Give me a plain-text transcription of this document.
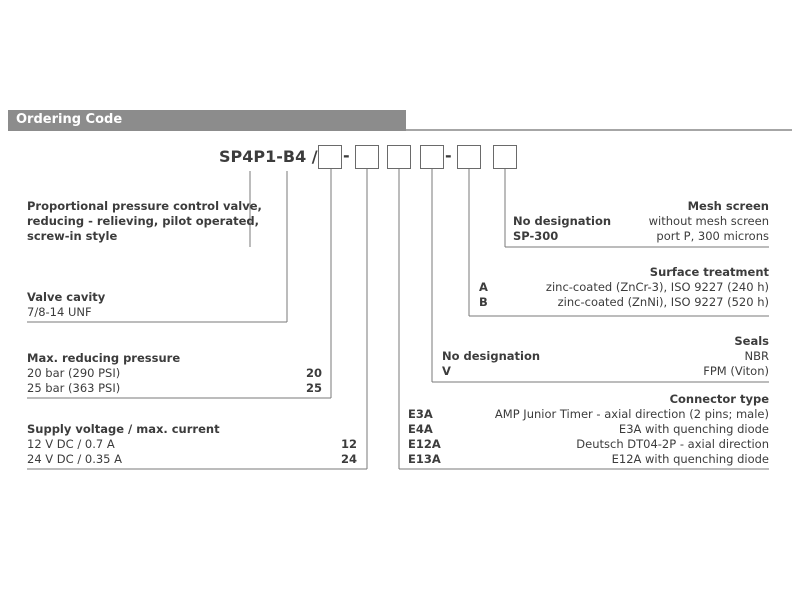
Ordering Code
SP4P1-B4 / -	-
Proportional pressure control valve,
reducing - relieving, pilot operated,
screw-in style
Valve cavity
7/8-14 UNF
Max. reducing pressure
20 bar (290 PSI)	20
25 bar (363 PSI)	25
Supply voltage / max. current
12 V DC / 0.7 A	12
24 V DC / 0.35 A	24
Mesh screen
No designation	without mesh screen
SP-300	port P, 300 microns
Surface treatment
A	zinc-coated (ZnCr-3), ISO 9227 (240 h)
B	zinc-coated (ZnNi), ISO 9227 (520 h)
Seals
No designation	NBR
V	FPM (Viton)
Connector type
E3A	AMP Junior Timer - axial direction (2 pins; male)
E4A	E3A with quenching diode
E12A	Deutsch DT04-2P - axial direction
E13A	E12A with quenching diode
